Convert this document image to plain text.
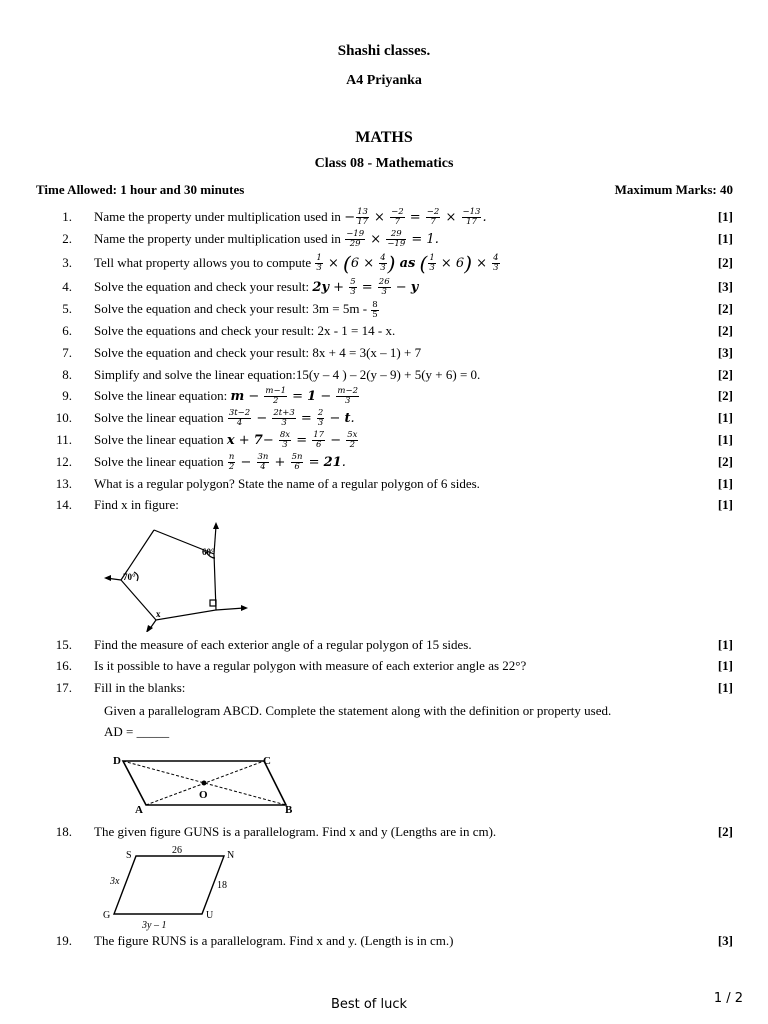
Shashi classes.
A4 Priyanka
MATHS
Class 08 - Mathematics
Time Allowed: 1 hour and 30 minutes	Maximum Marks: 40
1. Name the property under multiplication used in − $\frac{13}{17} \times \frac{-2}{7} = \frac{-2}{7} \times \frac{-13}{17}$ .	[1]
2. Name the property under multiplication used in $\frac{-19}{29} \times \frac{29}{-19} = 1$.	[1]
3. Tell what property allows you to compute $\frac{1}{3} \times (6 \times \frac{4}{3}$ ) as ( $\frac{1}{3} \times 6) \times \frac{4}{3}$	[2]
4. Solve the equation and check your result: $2y + \frac{5}{3} = \frac{26}{3} - y$	[3]
5. Solve the equation and check your result: $3m = 5m - \frac{8}{5}$	[2]
6. Solve the equations and check your result: 2x - 1 = 14 - x.	[2]
7. Solve the equation and check your result: 8x + 4 = 3(x – 1) + 7	[3]
8. Simplify and solve the linear equation:15(y – 4 ) – 2(y – 9) + 5(y + 6) = 0.	[2]
9. Solve the linear equation: $m - \frac{m-1}{2} = 1 - \frac{m-2}{3}$	[2]
10. Solve the linear equation $\frac{3t-2}{4} - \frac{2t+3}{3} = \frac{2}{3} - t$.	[1]
11. Solve the linear equation $x + 7- \frac{8x}{3} = \frac{17}{6} - \frac{5x}{2}$	[1]
12. Solve the linear equation $\frac{n}{2} - \frac{3n}{4} + \frac{5n}{6} = 21$.	[2]
13. What is a regular polygon? State the name of a regular polygon of 6 sides.	[1]
14. Find x in figure:	[1]
60°
70°
x
15. Find the measure of each exterior angle of a regular polygon of 15 sides.	[1]
16. Is it possible to have a regular polygon with measure of each exterior angle as 22°?	[1]
17. Fill in the blanks:	[1]
Given a parallelogram ABCD. Complete the statement along with the definition or property used.
AD = _____
D	C
A	B
O
18. The given figure GUNS is a parallelogram. Find x and y (Lengths are in cm).	[2]
S	N
G	U
26
18
3x
3y – 1
19. The figure RUNS is a parallelogram. Find x and y. (Length is in cm.)	[3]
Best of luck	1 / 2
